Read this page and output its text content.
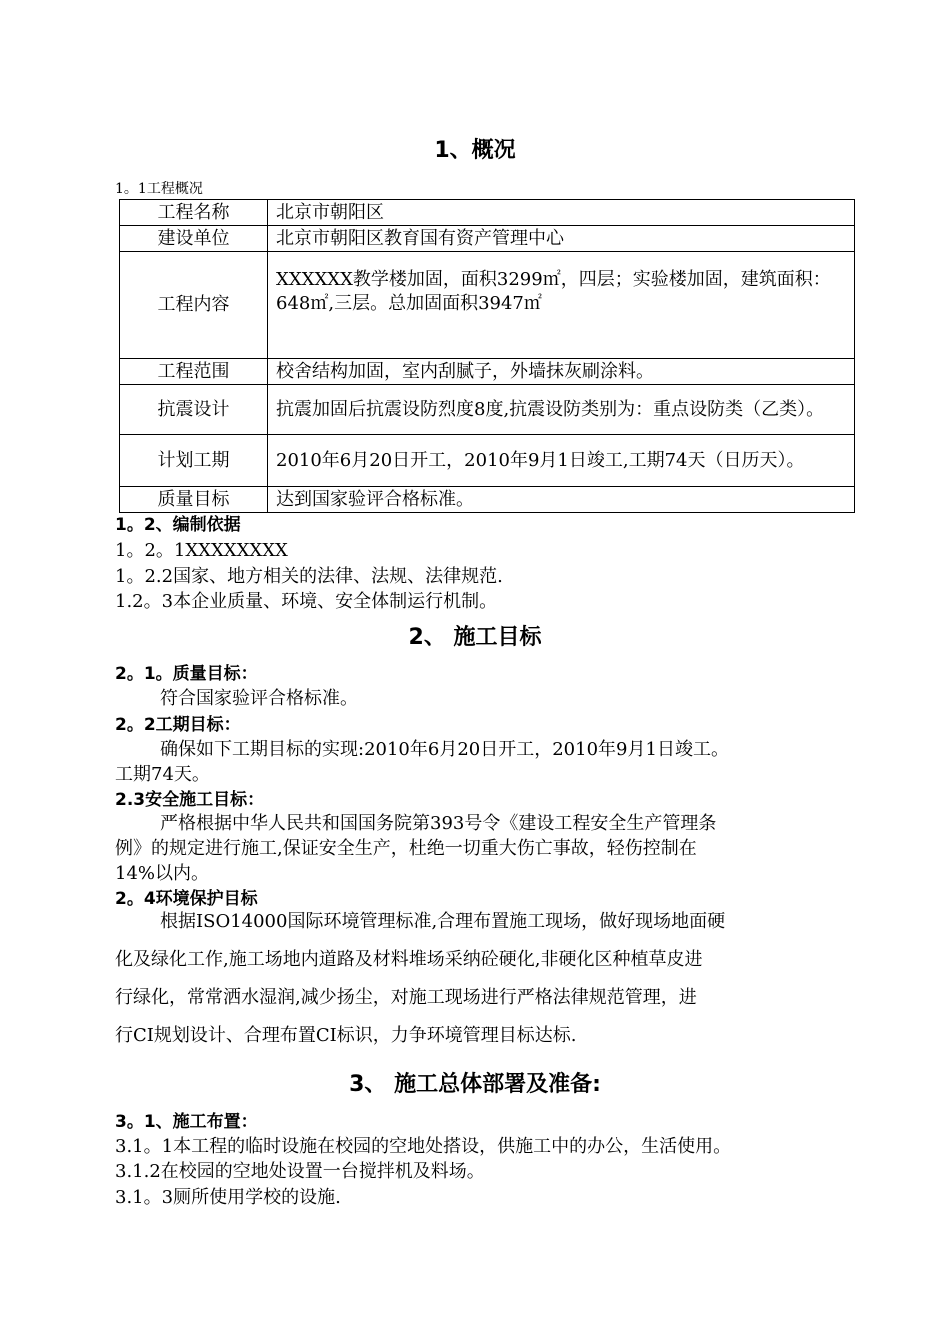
1、概况
1。1工程概况
工程名称	北京市朝阳区
建设单位	北京市朝阳区教育国有资产管理中心
工程内容	XXXXXX教学楼加固，面积3299㎡，四层；实验楼加固，建筑面积：648㎡,三层。总加固面积3947㎡
工程范围	校舍结构加固，室内刮腻子，外墙抹灰刷涂料。
抗震设计	抗震加固后抗震设防烈度8度,抗震设防类别为：重点设防类（乙类）。
计划工期	2010年6月20日开工，2010年9月1日竣工,工期74天（日历天）。
质量目标	达到国家验评合格标准。
1。2、编制依据
1。2。1XXXXXXXX
1。2.2国家、地方相关的法律、法规、法律规范.
1.2。3本企业质量、环境、安全体制运行机制。
2、 施工目标
2。1。质量目标：
符合国家验评合格标准。
2。2工期目标：
确保如下工期目标的实现:2010年6月20日开工，2010年9月1日竣工。
工期74天。
2.3安全施工目标：
严格根据中华人民共和国国务院第393号令《建设工程安全生产管理条
例》的规定进行施工,保证安全生产，杜绝一切重大伤亡事故，轻伤控制在
14%以内。
2。4环境保护目标
根据ISO14000国际环境管理标准,合理布置施工现场，做好现场地面硬
化及绿化工作,施工场地内道路及材料堆场采纳砼硬化,非硬化区种植草皮进
行绿化，常常洒水湿润,减少扬尘，对施工现场进行严格法律规范管理，进
行CI规划设计、合理布置CI标识，力争环境管理目标达标.
3、 施工总体部署及准备:
3。1、施工布置：
3.1。1本工程的临时设施在校园的空地处搭设，供施工中的办公，生活使用。
3.1.2在校园的空地处设置一台搅拌机及料场。
3.1。3厕所使用学校的设施.
